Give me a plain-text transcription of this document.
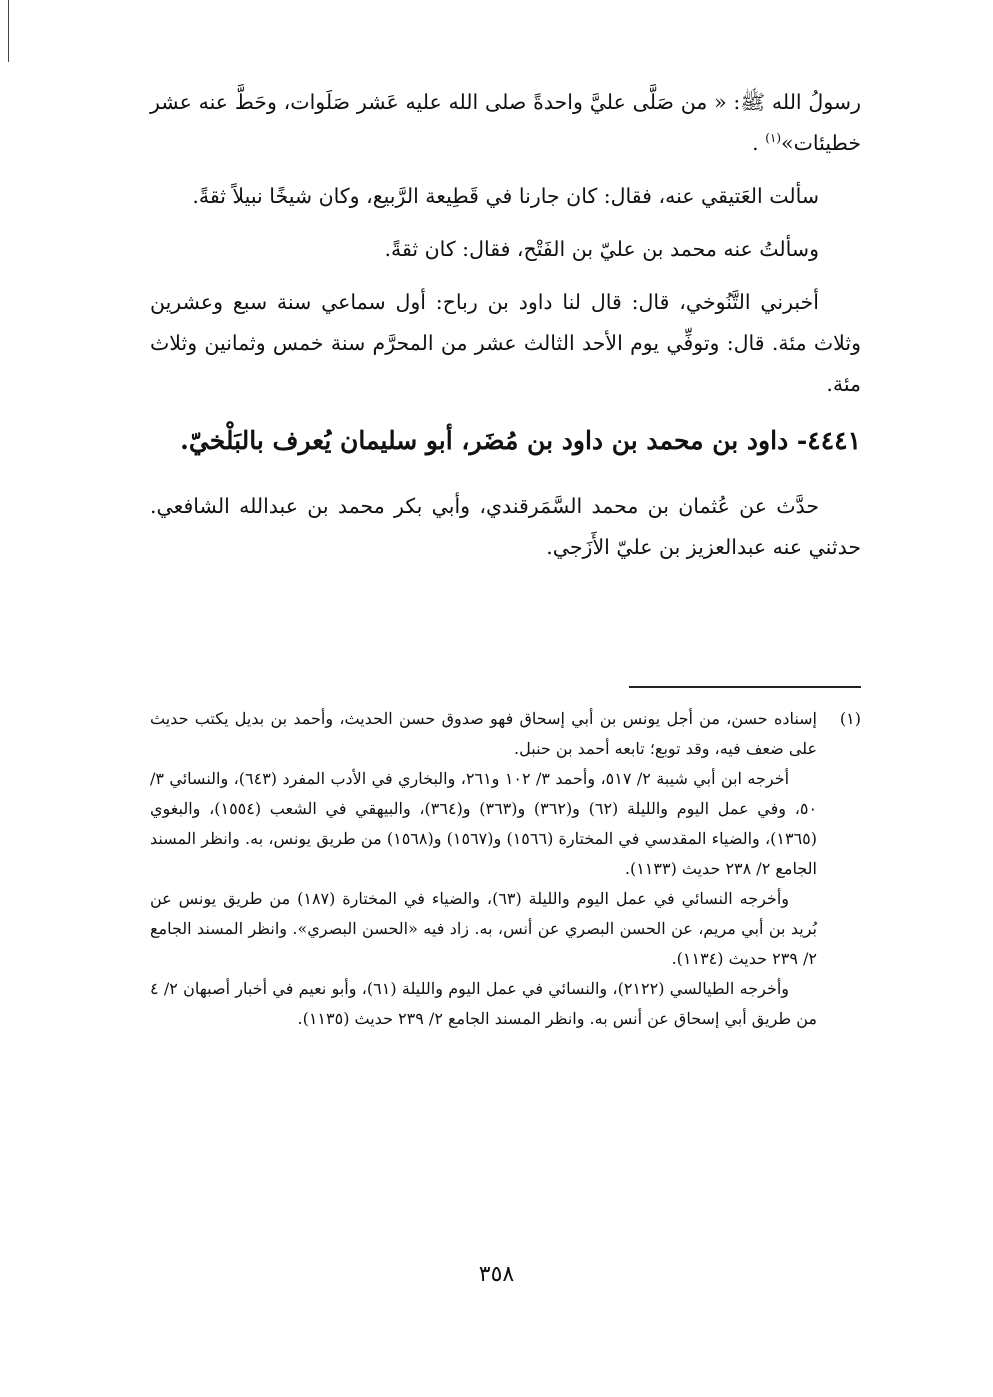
رسولُ الله ﷺ: « من صَلَّى عليَّ واحدةً صلى الله عليه عَشر صَلَوات، وحَطَّ عنه عشر خطيئات»$^{(١)}$ .

سألت العَتيقي عنه، فقال: كان جارنا في قَطِيعة الرَّبيع، وكان شيخًا نبيلاً ثقةً.

وسألتُ عنه محمد بن عليّ بن الفَتْح، فقال: كان ثقةً.

أخبرني التَّنُوخي، قال: قال لنا داود بن رباح: أول سماعي سنة سبع وعشرين وثلاث مئة. قال: وتوفِّي يوم الأحد الثالث عشر من المحرَّم سنة خمس وثمانين وثلاث مئة.

٤٤٤١- داود بن محمد بن داود بن مُضَر، أبو سليمان يُعرف بالبَلْخيّ.

حدَّث عن عُثمان بن محمد السَّمَرقندي، وأبي بكر محمد بن عبدالله الشافعي. حدثني عنه عبدالعزيز بن عليّ الأَزَجي.

(١)

إسناده حسن، من أجل يونس بن أبي إسحاق فهو صدوق حسن الحديث، وأحمد بن بديل يكتب حديث على ضعف فيه، وقد توبع؛ تابعه أحمد بن حنبل.

أخرجه ابن أبي شيبة ٢/ ٥١٧، وأحمد ٣/ ١٠٢ و٢٦١، والبخاري في الأدب المفرد (٦٤٣)، والنسائي ٣/ ٥٠، وفي عمل اليوم والليلة (٦٢) و(٣٦٢) و(٣٦٣) و(٣٦٤)، والبيهقي في الشعب (١٥٥٤)، والبغوي (١٣٦٥)، والضياء المقدسي في المختارة (١٥٦٦) و(١٥٦٧) و(١٥٦٨) من طريق يونس، به. وانظر المسند الجامع ٢/ ٢٣٨ حديث (١١٣٣).

وأخرجه النسائي في عمل اليوم والليلة (٦٣)، والضياء في المختارة (١٨٧) من طريق يونس عن بُريد بن أبي مريم، عن الحسن البصري عن أنس، به. زاد فيه «الحسن البصري». وانظر المسند الجامع ٢/ ٢٣٩ حديث (١١٣٤).

وأخرجه الطيالسي (٢١٢٢)، والنسائي في عمل اليوم والليلة (٦١)، وأبو نعيم في أخبار أصبهان ٢/ ٤ من طريق أبي إسحاق عن أنس به. وانظر المسند الجامع ٢/ ٢٣٩ حديث (١١٣٥).

٣٥٨
